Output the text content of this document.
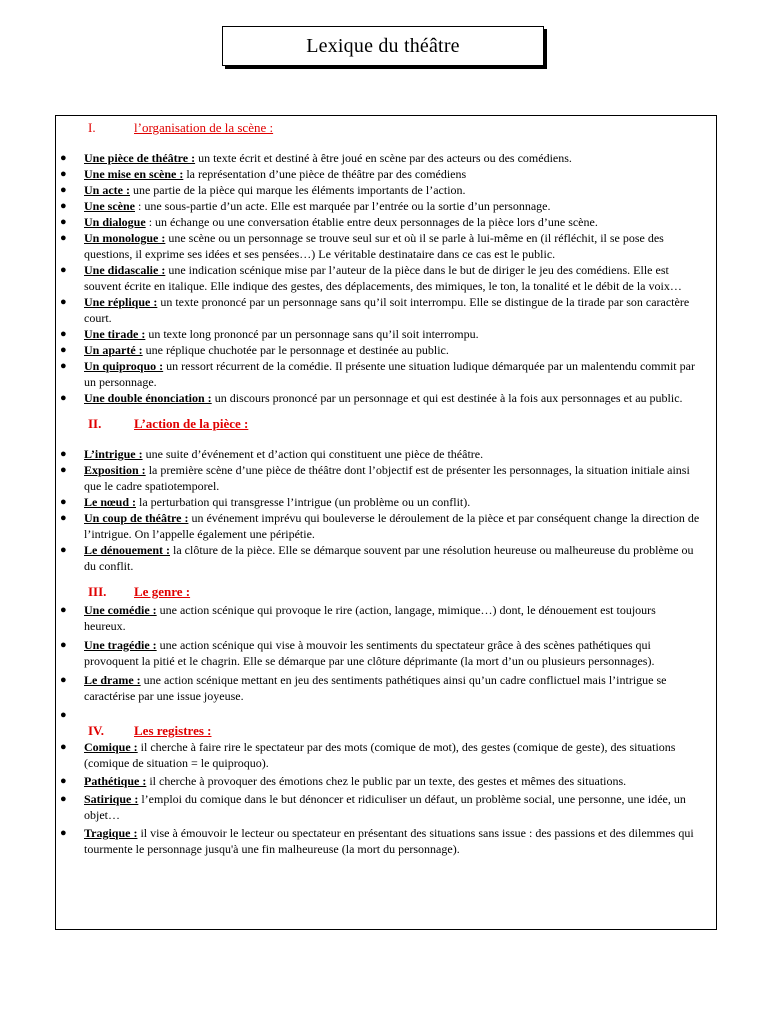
Lexique du théâtre
I.	l’organisation de la scène :
● Une pièce de théâtre : un texte écrit et destiné à être joué en scène par des acteurs ou des comédiens.
● Une mise en scène : la représentation d’une pièce de théâtre par des comédiens
● Un acte : une partie de la pièce qui marque les éléments importants de l’action.
● Une scène : une sous-partie d’un acte. Elle est marquée par l’entrée ou la sortie d’un personnage.
● Un dialogue : un échange ou une conversation établie entre deux personnages de la pièce lors d’une scène.
● Un monologue : une scène ou un personnage se trouve seul sur et où il se parle à lui-même en (il réfléchit, il se pose des questions, il exprime ses idées et ses pensées…) Le véritable destinataire dans ce cas est le public.
● Une didascalie : une indication scénique mise par l’auteur de la pièce dans le but de diriger le jeu des comédiens. Elle est souvent écrite en italique. Elle indique des gestes, des déplacements, des mimiques, le ton, la tonalité et le débit de la voix…
● Une réplique : un texte prononcé par un personnage sans qu’il soit interrompu. Elle se distingue de la tirade par son caractère court.
● Une tirade : un texte long prononcé par un personnage sans qu’il soit interrompu.
● Un aparté : une réplique chuchotée par le personnage et destinée au public.
● Un quiproquo : un ressort récurrent de la comédie. Il présente une situation ludique démarquée par un malentendu commit par un personnage.
● Une double énonciation : un discours prononcé par un personnage et qui est destinée à la fois aux personnages et au public.
II.	L’action de la pièce :
● L’intrigue : une suite d’événement et d’action qui constituent une pièce de théâtre.
● Exposition : la première scène d’une pièce de théâtre dont l’objectif est de présenter les personnages, la situation initiale ainsi que le cadre spatiotemporel.
● Le nœud : la perturbation qui transgresse l’intrigue (un problème ou un conflit).
● Un coup de théâtre : un événement imprévu qui bouleverse le déroulement de la pièce et par conséquent change la direction de l’intrigue. On l’appelle également une péripétie.
● Le dénouement : la clôture de la pièce. Elle se démarque souvent par une résolution heureuse ou malheureuse du problème ou du conflit.
III.	Le genre :
● Une comédie : une action scénique qui provoque le rire (action, langage, mimique…) dont, le dénouement est toujours heureux.
● Une tragédie : une action scénique qui vise à mouvoir les sentiments du spectateur grâce à des scènes pathétiques qui provoquent la pitié et le chagrin. Elle se démarque par une clôture déprimante (la mort d’un ou plusieurs personnages).
● Le drame : une action scénique mettant en jeu des sentiments pathétiques ainsi qu’un cadre conflictuel mais l’intrigue se caractérise par une issue joyeuse.
●
IV.	Les registres :
● Comique : il cherche à faire rire le spectateur par des mots (comique de mot), des gestes (comique de geste), des situations (comique de situation = le quiproquo).
● Pathétique : il cherche à provoquer des émotions chez le public par un texte, des gestes et mêmes des situations.
● Satirique : l’emploi du comique dans le but dénoncer et ridiculiser un défaut, un problème social, une personne, une idée, un objet…
● Tragique : il vise à émouvoir le lecteur ou spectateur en présentant des situations sans issue : des passions et des dilemmes qui tourmente le personnage jusqu'à une fin malheureuse (la mort du personnage).
